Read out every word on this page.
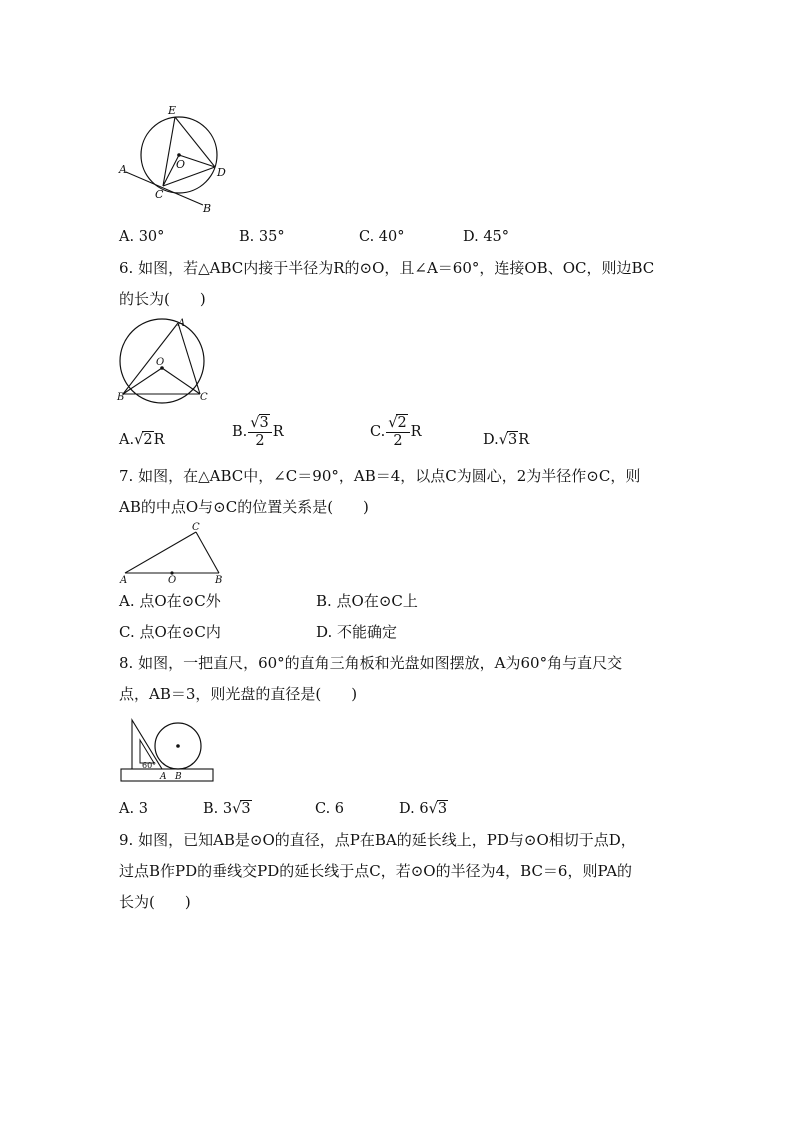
E
O
A
C
D
B
A. 30°	B. 35°	C. 40°	D. 45°
6. 如图，若△ABC内接于半径为R的⊙O，且∠A＝60°，连接OB、OC，则边BC
的长为(　　)
A
O
B	C
A.√2R	B. $\frac{√3}{2}$ R	C. $\frac{√2}{2}$ R	D.√3R
7. 如图，在△ABC中，∠C＝90°，AB＝4，以点C为圆心，2为半径作⊙C，则
AB的中点O与⊙C的位置关系是(　　)
C
A	O	B
A. 点O在⊙C外	B. 点O在⊙C上
C. 点O在⊙C内	D. 不能确定
8. 如图，一把直尺，60°的直角三角板和光盘如图摆放，A为60°角与直尺交
点，AB＝3，则光盘的直径是(　　)
60°
A B
A. 3	B. 3√3	C. 6	D. 6√3
9. 如图，已知AB是⊙O的直径，点P在BA的延长线上，PD与⊙O相切于点D，
过点B作PD的垂线交PD的延长线于点C，若⊙O的半径为4，BC＝6，则PA的
长为(　　)
